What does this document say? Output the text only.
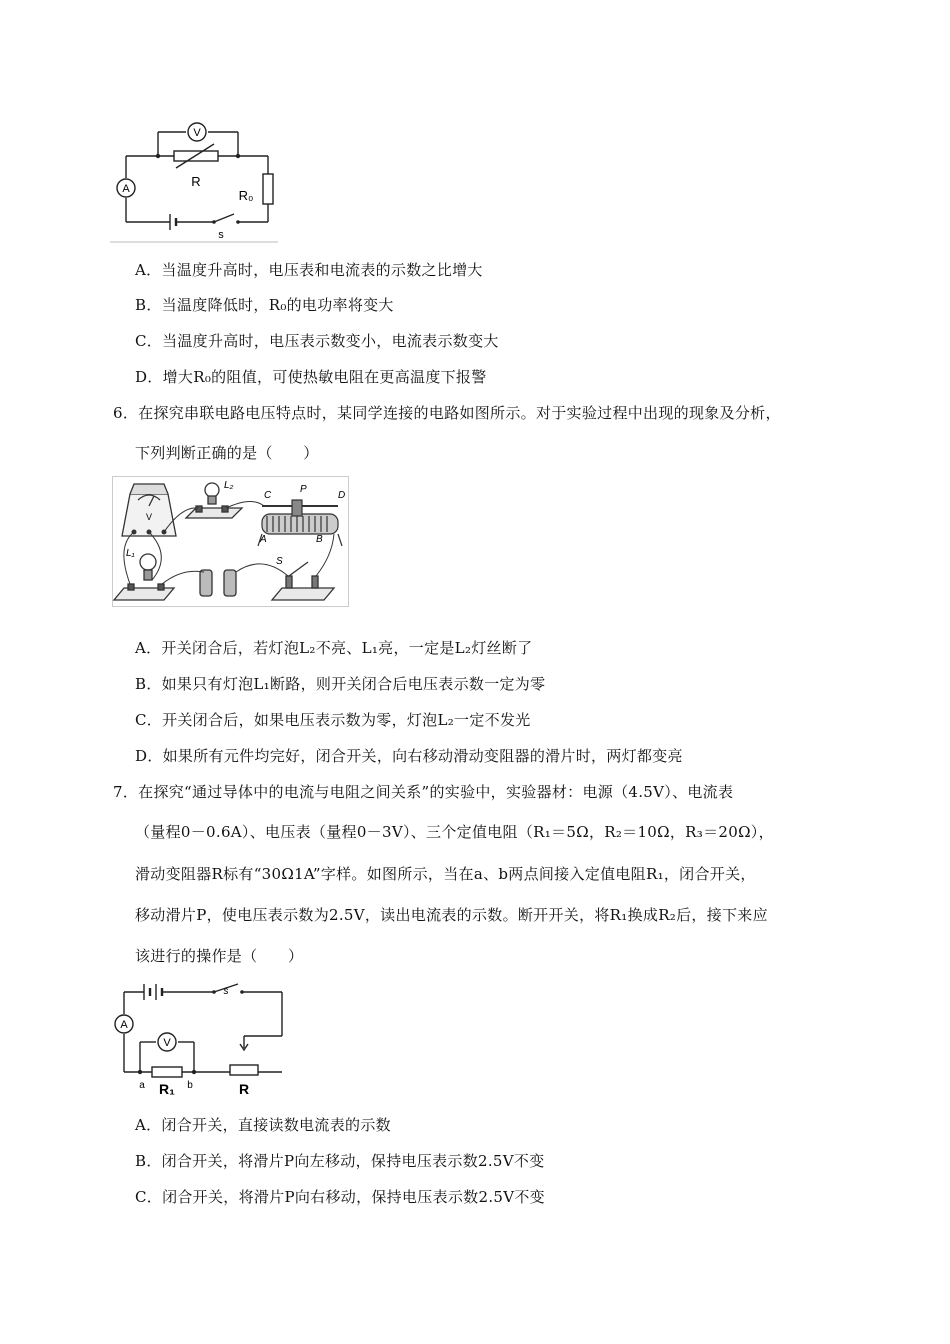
V
A	R
R₀
s
A．当温度升高时，电压表和电流表的示数之比增大
B．当温度降低时，R₀的电功率将变大
C．当温度升高时，电压表示数变小，电流表示数变大
D．增大R₀的阻值，可使热敏电阻在更高温度下报警
6．在探究串联电路电压特点时，某同学连接的电路如图所示。对于实验过程中出现的现象及分析，
下列判断正确的是（　　）
V
L₂
C
P
D
A	B
L₁
S
A．开关闭合后，若灯泡L₂不亮、L₁亮，一定是L₂灯丝断了
B．如果只有灯泡L₁断路，则开关闭合后电压表示数一定为零
C．开关闭合后，如果电压表示数为零，灯泡L₂一定不发光
D．如果所有元件均完好，闭合开关，向右移动滑动变阻器的滑片时，两灯都变亮
7．在探究“通过导体中的电流与电阻之间关系”的实验中，实验器材：电源（4.5V）、电流表
（量程0－0.6A）、电压表（量程0－3V）、三个定值电阻（R₁＝5Ω，R₂＝10Ω，R₃＝20Ω），
滑动变阻器R标有“30Ω1A”字样。如图所示，当在a、b两点间接入定值电阻R₁，闭合开关，
移动滑片P，使电压表示数为2.5V，读出电流表的示数。断开开关，将R₁换成R₂后，接下来应
该进行的操作是（　　）
s
A
V
a	b
R₁	R
A．闭合开关，直接读数电流表的示数
B．闭合开关，将滑片P向左移动，保持电压表示数2.5V不变
C．闭合开关，将滑片P向右移动，保持电压表示数2.5V不变
